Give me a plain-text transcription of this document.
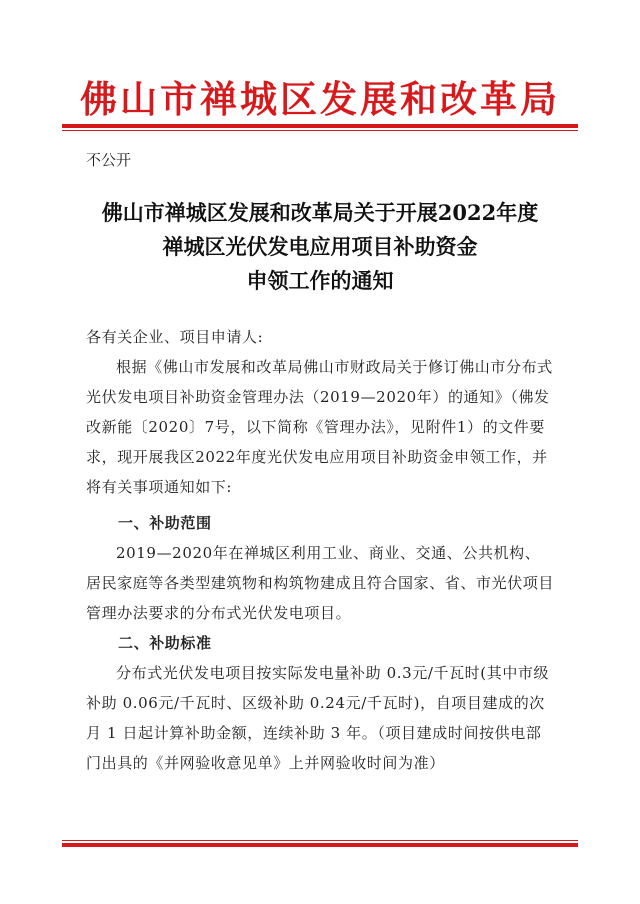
佛山市禅城区发展和改革局
不公开
佛山市禅城区发展和改革局关于开展2022年度
禅城区光伏发电应用项目补助资金
申领工作的通知
各有关企业、项目申请人:
根据《佛山市发展和改革局佛山市财政局关于修订佛山市分布式光伏发电项目补助资金管理办法（2019—2020年）的通知》（佛发改新能〔2020〕7号，以下简称《管理办法》，见附件1）的文件要求，现开展我区2022年度光伏发电应用项目补助资金申领工作，并将有关事项通知如下:
一、补助范围
2019—2020年在禅城区利用工业、商业、交通、公共机构、居民家庭等各类型建筑物和构筑物建成且符合国家、省、市光伏项目管理办法要求的分布式光伏发电项目。
二、补助标准
分布式光伏发电项目按实际发电量补助 0.3元/千瓦时(其中市级补助 0.06元/千瓦时、区级补助 0.24元/千瓦时)，自项目建成的次月 1 日起计算补助金额，连续补助 3 年。（项目建成时间按供电部门出具的《并网验收意见单》上并网验收时间为准）
